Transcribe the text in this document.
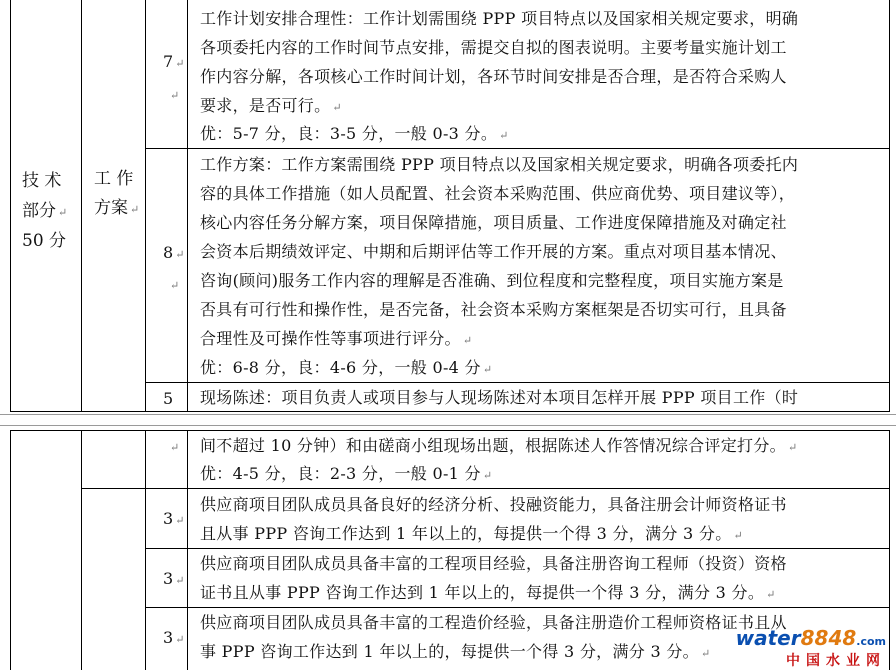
技 术
部分 ↵
50 分
工 作
方案 ↵
7 ↵
↵
工作计划安排合理性：工作计划需围绕 PPP 项目特点以及国家相关规定要求，明确
各项委托内容的工作时间节点安排，需提交自拟的图表说明。主要考量实施计划工
作内容分解，各项核心工作时间计划，各环节时间安排是否合理，是否符合采购人
要求，是否可行。 ↵
优：5-7 分，良：3-5 分，一般 0-3 分。 ↵
8 ↵
↵
工作方案：工作方案需围绕 PPP 项目特点以及国家相关规定要求，明确各项委托内
容的具体工作措施（如人员配置、社会资本采购范围、供应商优势、项目建议等），
核心内容任务分解方案，项目保障措施，项目质量、工作进度保障措施及对确定社
会资本后期绩效评定、中期和后期评估等工作开展的方案。重点对项目基本情况、
咨询(顾问)服务工作内容的理解是否准确、到位程度和完整程度，项目实施方案是
否具有可行性和操作性，是否完备，社会资本采购方案框架是否切实可行，且具备
合理性及可操作性等事项进行评分。 ↵
优：6-8 分，良：4-6 分，一般 0-4 分 ↵
5 现场陈述：项目负责人或项目参与人现场陈述对本项目怎样开展 PPP 项目工作（时
↵ 间不超过 10 分钟）和由磋商小组现场出题，根据陈述人作答情况综合评定打分。 ↵
优：4-5 分，良：2-3 分，一般 0-1 分 ↵
3 ↵
供应商项目团队成员具备良好的经济分析、投融资能力，具备注册会计师资格证书
且从事 PPP 咨询工作达到 1 年以上的，每提供一个得 3 分，满分 3 分。 ↵
3 ↵
供应商项目团队成员具备丰富的工程项目经验，具备注册咨询工程师（投资）资格
证书且从事 PPP 咨询工作达到 1 年以上的，每提供一个得 3 分，满分 3 分。 ↵
3 ↵
供应商项目团队成员具备丰富的工程造价经验，具备注册造价工程师资格证书且从
事 PPP 咨询工作达到 1 年以上的，每提供一个得 3 分，满分 3 分。 ↵
water8848.com
中国水业网
